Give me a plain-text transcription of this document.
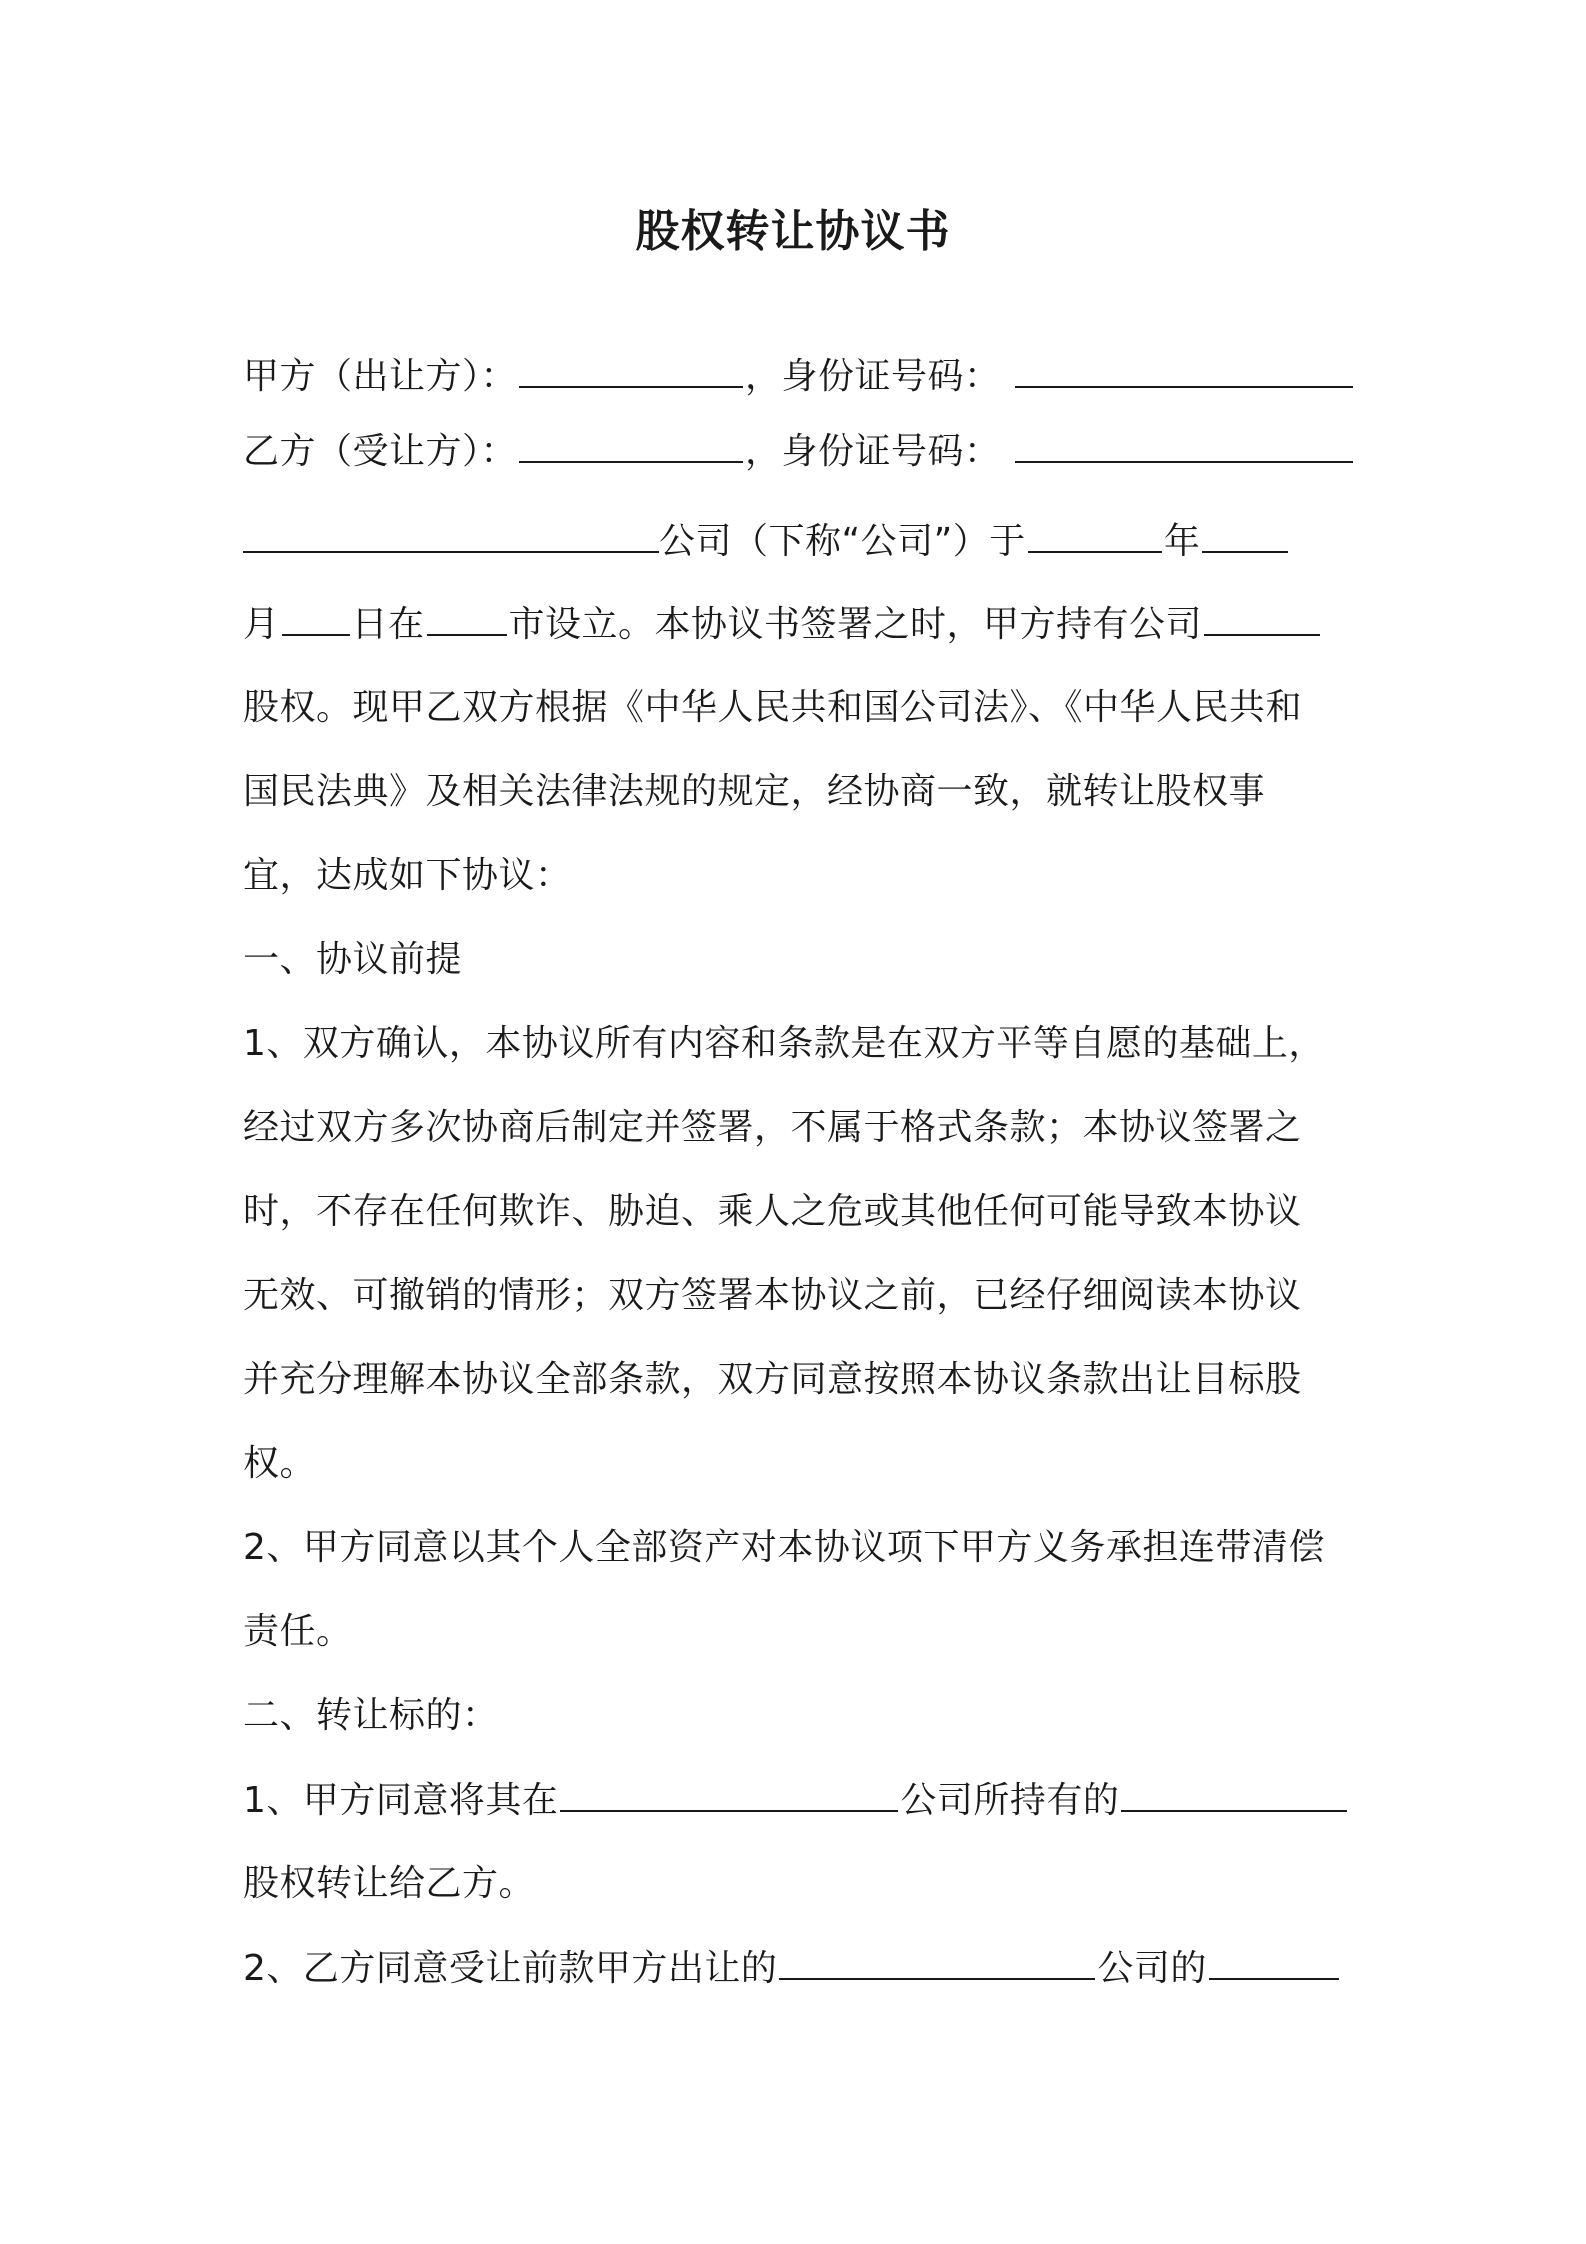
股权转让协议书
甲方（出让方）：	，身份证号码：
乙方（受让方）：	，身份证号码：
公司（下称“公司”）于	年
月 日在 市设立。本协议书签署之时，甲方持有公司
股权。现甲乙双方根据《中华人民共和国公司法》、《中华人民共和
国民法典》及相关法律法规的规定，经协商一致，就转让股权事
宜，达成如下协议：
一、协议前提
1、双方确认，本协议所有内容和条款是在双方平等自愿的基础上，
经过双方多次协商后制定并签署，不属于格式条款；本协议签署之
时，不存在任何欺诈、胁迫、乘人之危或其他任何可能导致本协议
无效、可撤销的情形；双方签署本协议之前，已经仔细阅读本协议
并充分理解本协议全部条款，双方同意按照本协议条款出让目标股
权。
2、甲方同意以其个人全部资产对本协议项下甲方义务承担连带清偿
责任。
二、转让标的：
1、甲方同意将其在	公司所持有的
股权转让给乙方。
2、乙方同意受让前款甲方出让的	公司的
